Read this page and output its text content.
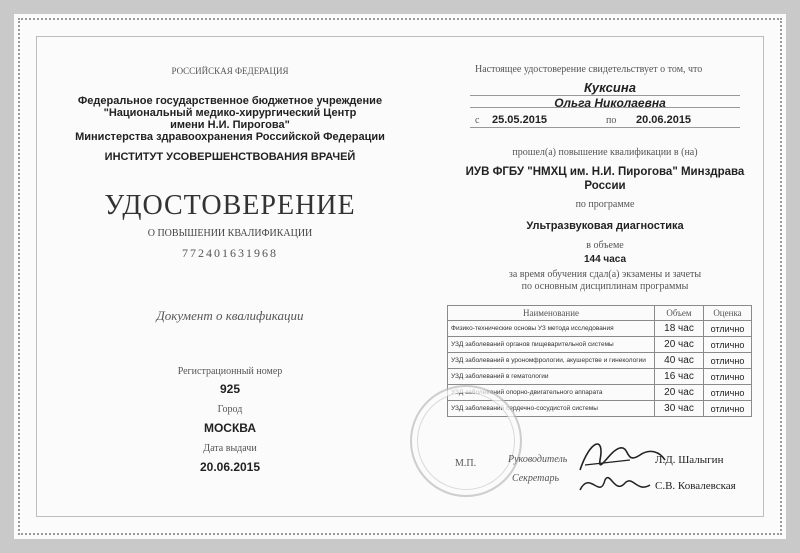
РОССИЙСКАЯ ФЕДЕРАЦИЯ
Федеральное государственное бюджетное учреждение
"Национальный медико-хирургический Центр
имени Н.И. Пирогова"
Министерства здравоохранения Российской Федерации
ИНСТИТУТ УСОВЕРШЕНСТВОВАНИЯ ВРАЧЕЙ
УДОСТОВЕРЕНИЕ
О ПОВЫШЕНИИ КВАЛИФИКАЦИИ
772401631968
Документ о квалификации
Регистрационный номер
925
Город
МОСКВА
Дата выдачи
20.06.2015
Настоящее удостоверение свидетельствует о том, что
Куксина
Ольга Николаевна
с 25.05.2015	по 20.06.2015
прошел(а) повышение квалификации в (на)
ИУВ ФГБУ "НМХЦ им. Н.И. Пирогова" Минздрава
России
по программе
Ультразвуковая диагностика
в объеме
144 часа
за время обучения сдал(а) экзамены и зачеты
по основным дисциплинам программы
Наименование	Объем	Оценка
Физико-технические основы УЗ метода исследования	18 час	отлично
УЗД заболеваний органов пищеварительной системы	20 час	отлично
УЗД заболеваний в урономфрологии, акушерстве и гинекологии	40 час	отлично
УЗД заболеваний в гематологии	16 час	отлично
УЗД заболеваний опорно-двигательного аппарата	20 час	отлично
УЗД заболеваний сердечно-сосудистой системы	30 час	отлично
М.П.	Руководитель	Л.Д. Шалыгин
Секретарь
С.В. Ковалевская
